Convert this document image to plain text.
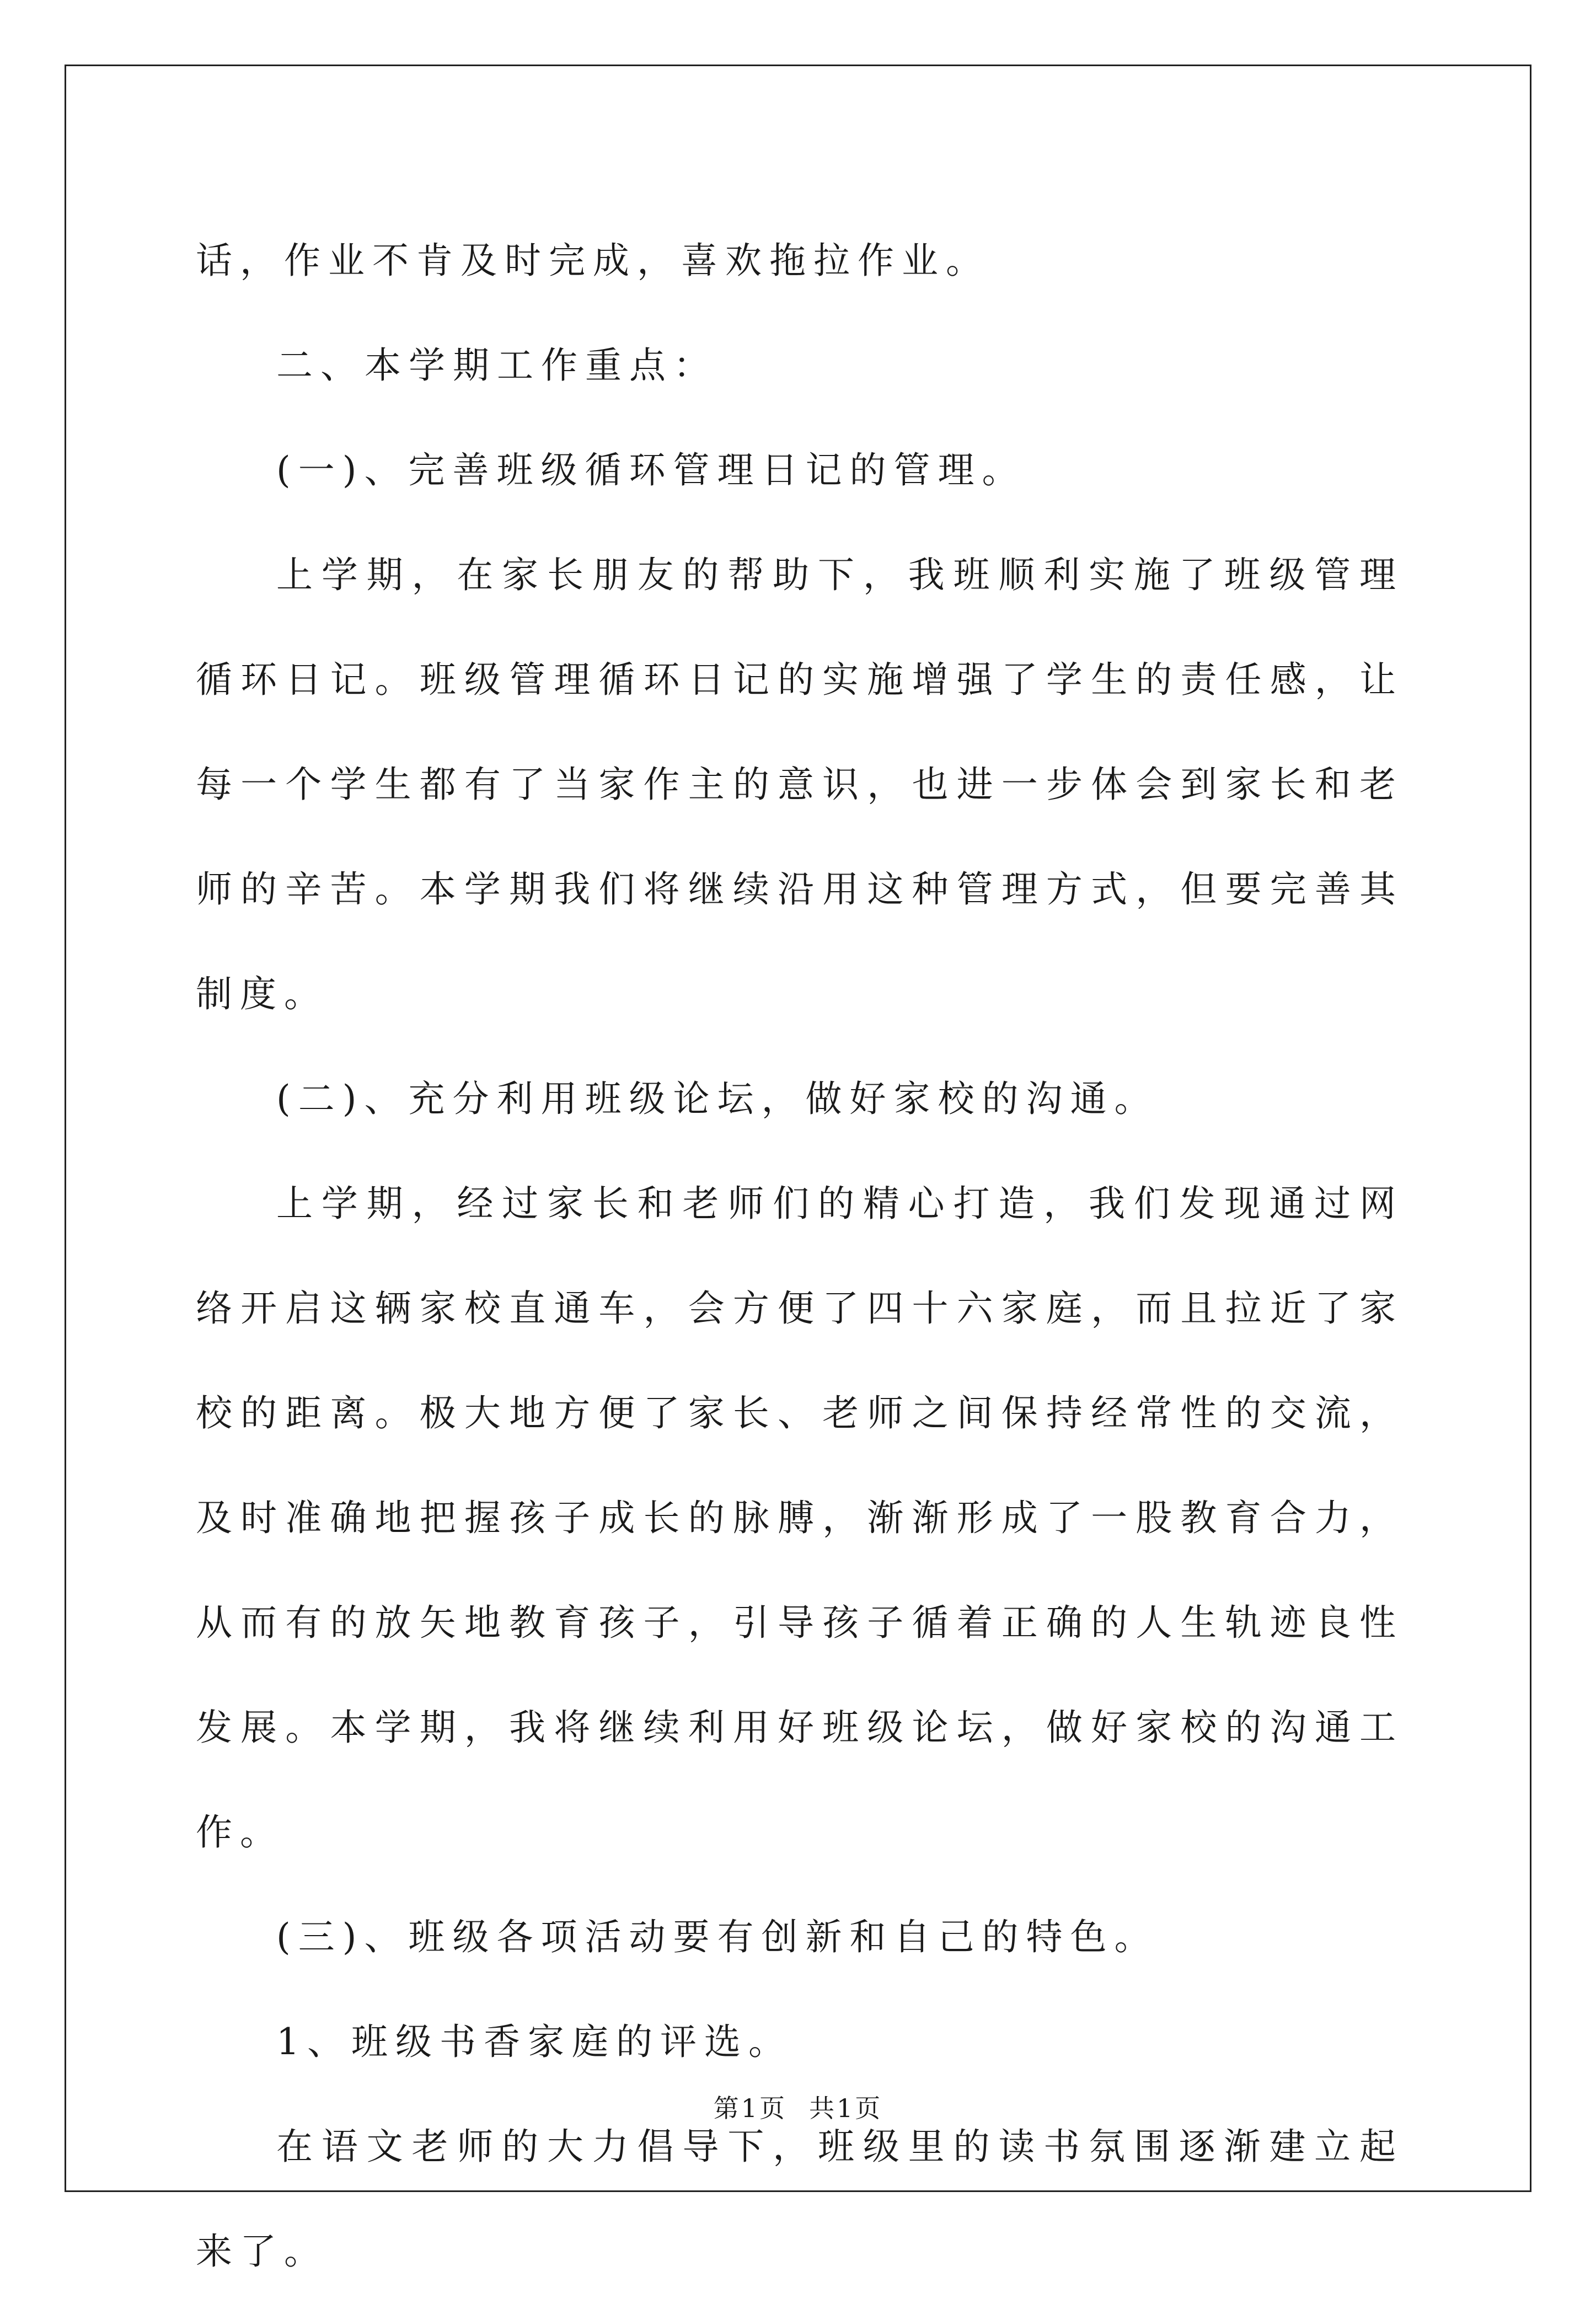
话，作业不肯及时完成，喜欢拖拉作业。

二、本学期工作重点：

(一)、完善班级循环管理日记的管理。

上学期，在家长朋友的帮助下，我班顺利实施了班级管理循环日记。班级管理循环日记的实施增强了学生的责任感，让每一个学生都有了当家作主的意识，也进一步体会到家长和老师的辛苦。本学期我们将继续沿用这种管理方式，但要完善其制度。

(二)、充分利用班级论坛，做好家校的沟通。

上学期，经过家长和老师们的精心打造，我们发现通过网络开启这辆家校直通车，会方便了四十六家庭，而且拉近了家校的距离。极大地方便了家长、老师之间保持经常性的交流，及时准确地把握孩子成长的脉膊，渐渐形成了一股教育合力，从而有的放矢地教育孩子，引导孩子循着正确的人生轨迹良性发展。本学期，我将继续利用好班级论坛，做好家校的沟通工作。

(三)、班级各项活动要有创新和自己的特色。

1、班级书香家庭的评选。

在语文老师的大力倡导下，班级里的读书氛围逐渐建立起来了。

第1页 共1页
